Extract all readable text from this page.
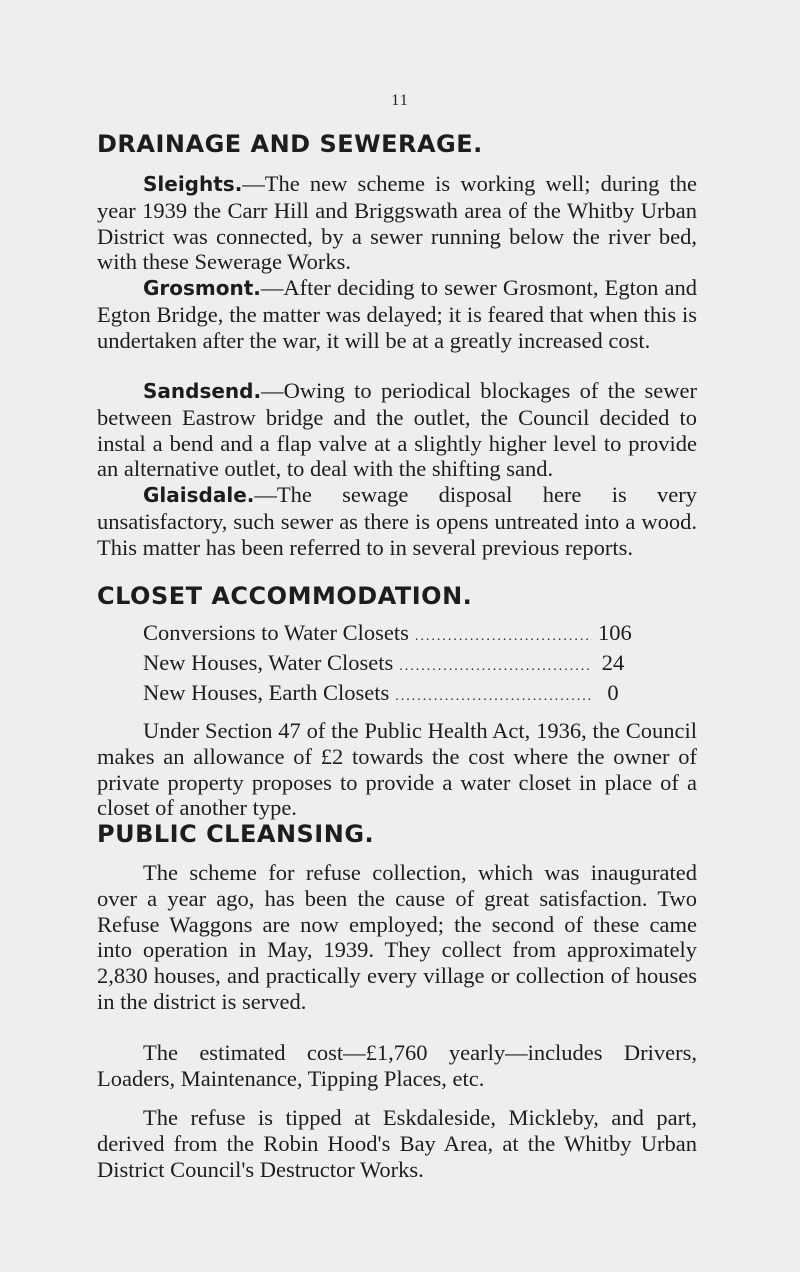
11
DRAINAGE AND SEWERAGE.

Sleights.—The new scheme is working well; during the year 1939 the Carr Hill and Briggswath area of the Whitby Urban District was connected, by a sewer running below the river bed, with these Sewerage Works.

Grosmont.—After deciding to sewer Grosmont, Egton and Egton Bridge, the matter was delayed; it is feared that when this is undertaken after the war, it will be at a greatly increased cost.

Sandsend.—Owing to periodical blockages of the sewer between Eastrow bridge and the outlet, the Council decided to instal a bend and a flap valve at a slightly higher level to provide an alternative outlet, to deal with the shifting sand.

Glaisdale.—The sewage disposal here is very unsatisfactory, such sewer as there is opens untreated into a wood. This matter has been referred to in several previous reports.

CLOSET ACCOMMODATION.
Conversions to Water Closets .....	106
New Houses, Water Closets .....	24
New Houses, Earth Closets .....	0

Under Section 47 of the Public Health Act, 1936, the Council makes an allowance of £2 towards the cost where the owner of private property proposes to provide a water closet in place of a closet of another type.

PUBLIC CLEANSING.

The scheme for refuse collection, which was inaugurated over a year ago, has been the cause of great satisfaction. Two Refuse Waggons are now employed; the second of these came into operation in May, 1939. They collect from approximately 2,830 houses, and practically every village or collection of houses in the district is served.

The estimated cost—£1,760 yearly—includes Drivers, Loaders, Maintenance, Tipping Places, etc.

The refuse is tipped at Eskdaleside, Mickleby, and part, derived from the Robin Hood's Bay Area, at the Whitby Urban District Council's Destructor Works.
